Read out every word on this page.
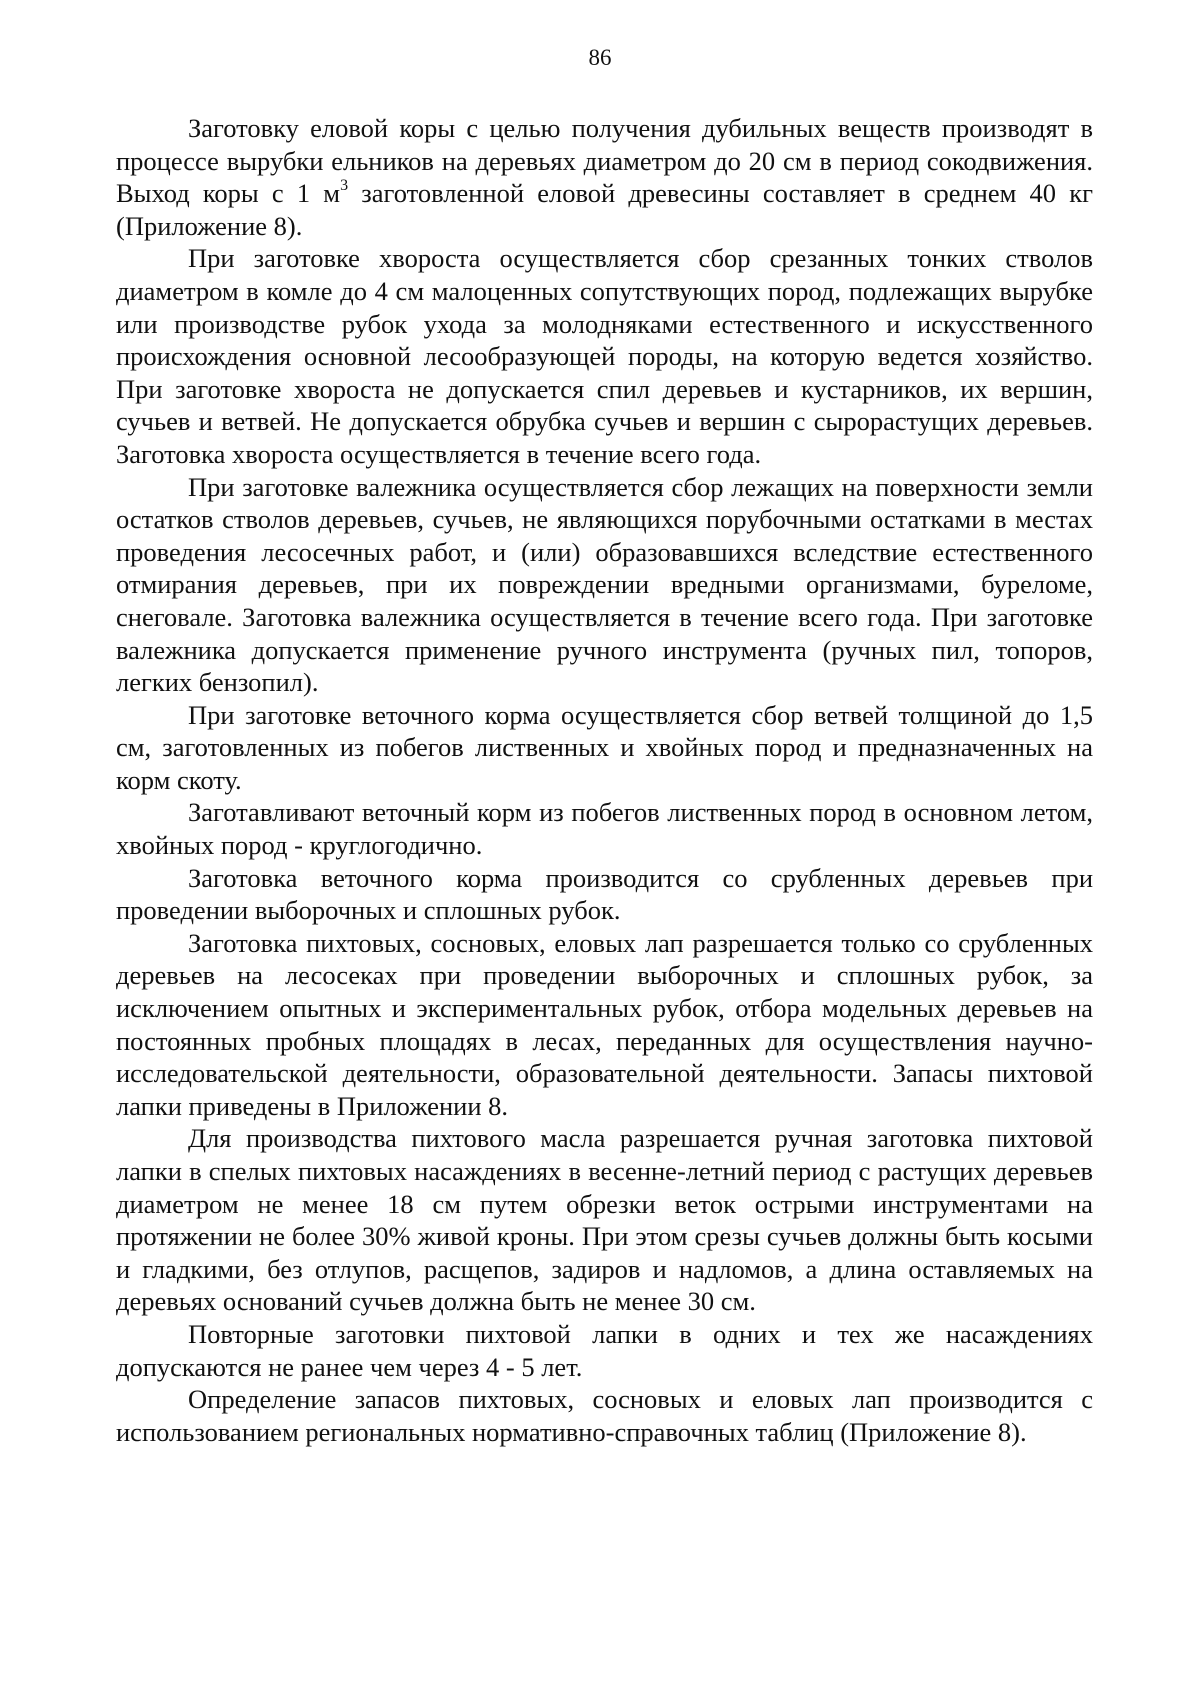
86

Заготовку еловой коры с целью получения дубильных веществ производят в процессе вырубки ельников на деревьях диаметром до 20 см в период сокодвижения. Выход коры с 1 $м^3$ заготовленной еловой древесины составляет в среднем 40 кг (Приложение 8).

При заготовке хвороста осуществляется сбор срезанных тонких стволов диаметром в комле до 4 см малоценных сопутствующих пород, подлежащих вырубке или производстве рубок ухода за молодняками естественного и искусственного происхождения основной лесообразующей породы, на которую ведется хозяйство. При заготовке хвороста не допускается спил деревьев и кустарников, их вершин, сучьев и ветвей. Не допускается обрубка сучьев и вершин с сырорастущих деревьев. Заготовка хвороста осуществляется в течение всего года.

При заготовке валежника осуществляется сбор лежащих на поверхности земли остатков стволов деревьев, сучьев, не являющихся порубочными остатками в местах проведения лесосечных работ, и (или) образовавшихся вследствие естественного отмирания деревьев, при их повреждении вредными организмами, буреломе, снеговале. Заготовка валежника осуществляется в течение всего года. При заготовке валежника допускается применение ручного инструмента (ручных пил, топоров, легких бензопил).

При заготовке веточного корма осуществляется сбор ветвей толщиной до 1,5 см, заготовленных из побегов лиственных и хвойных пород и предназначенных на корм скоту.

Заготавливают веточный корм из побегов лиственных пород в основном летом, хвойных пород - круглогодично.

Заготовка веточного корма производится со срубленных деревьев при проведении выборочных и сплошных рубок.

Заготовка пихтовых, сосновых, еловых лап разрешается только со срубленных деревьев на лесосеках при проведении выборочных и сплошных рубок, за исключением опытных и экспериментальных рубок, отбора модельных деревьев на постоянных пробных площадях в лесах, переданных для осуществления научно-исследовательской деятельности, образовательной деятельности. Запасы пихтовой лапки приведены в Приложении 8.

Для производства пихтового масла разрешается ручная заготовка пихтовой лапки в спелых пихтовых насаждениях в весенне-летний период с растущих деревьев диаметром не менее 18 см путем обрезки веток острыми инструментами на протяжении не более 30% живой кроны. При этом срезы сучьев должны быть косыми и гладкими, без отлупов, расщепов, задиров и надломов, а длина оставляемых на деревьях оснований сучьев должна быть не менее 30 см.

Повторные заготовки пихтовой лапки в одних и тех же насаждениях допускаются не ранее чем через 4 - 5 лет.

Определение запасов пихтовых, сосновых и еловых лап производится с использованием региональных нормативно-справочных таблиц (Приложение 8).
